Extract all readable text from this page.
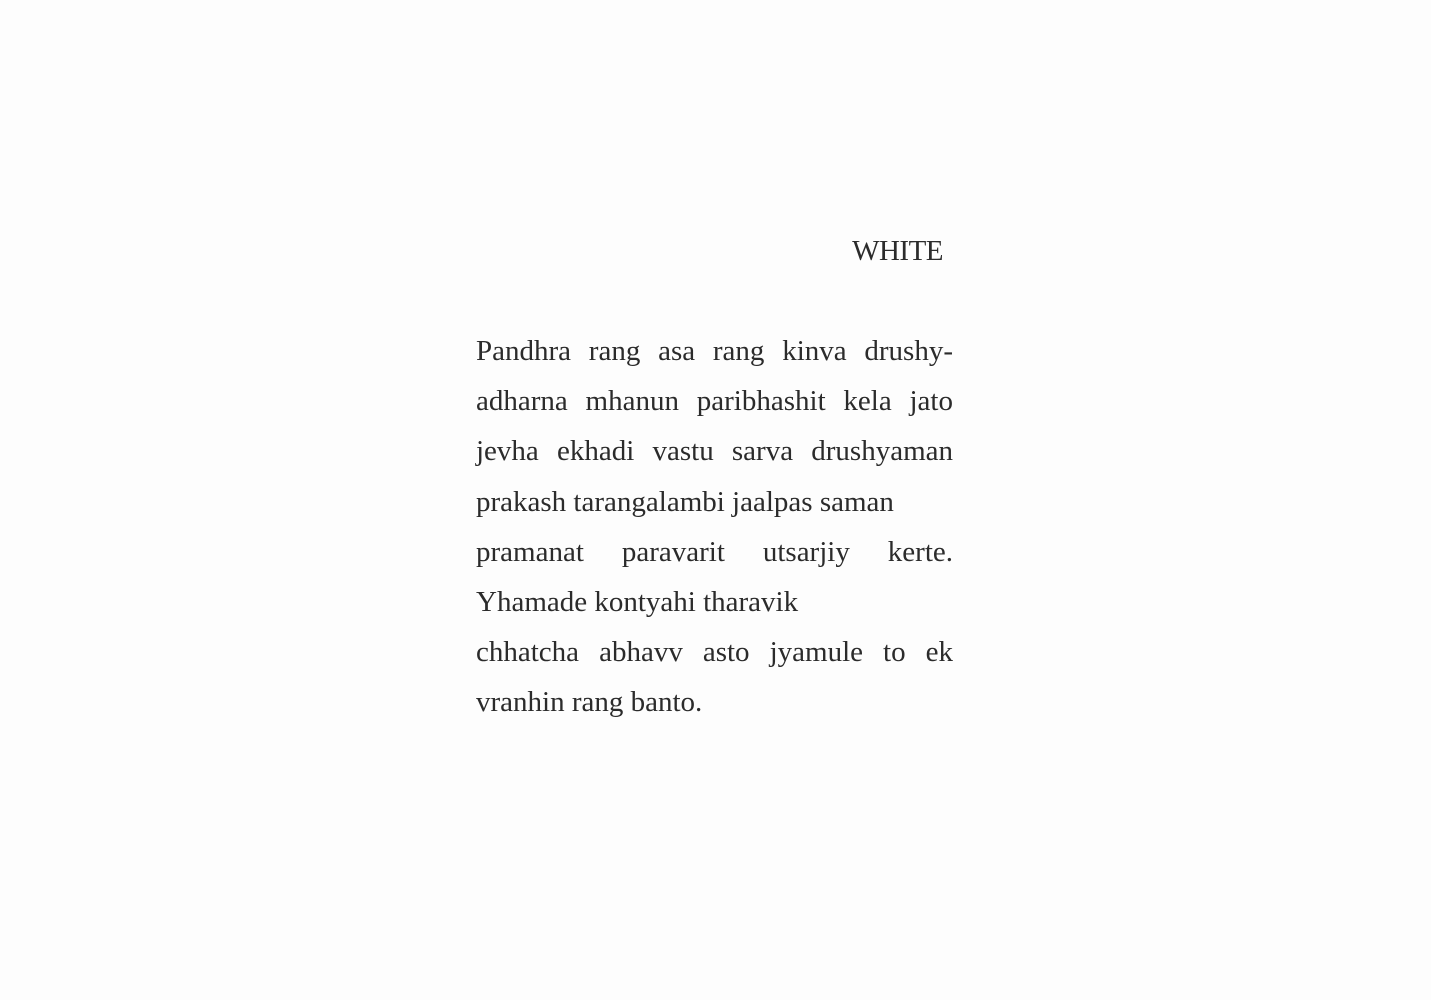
WHITE

Pandhra rang asa rang kinva drushy-adharna mhanun paribhashit kela jato jevha ekhadi vastu sarva drushyaman prakash tarangalambi jaalpas saman

pramanat paravarit utsarjiy kerte. Yhamade kontyahi tharavik

chhatcha abhavv asto jyamule to ek vranhin rang banto.
